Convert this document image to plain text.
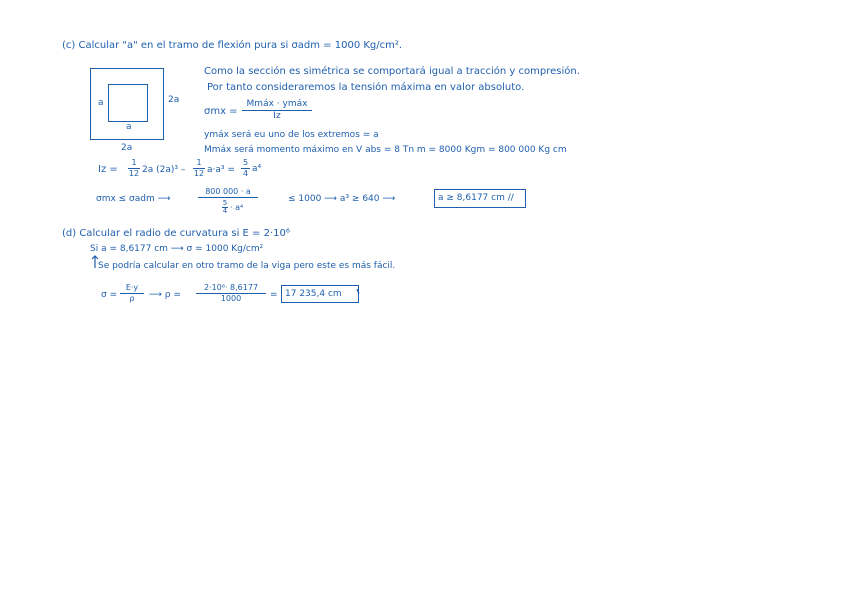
(c) Calcular "a" en el tramo de flexión pura si σadm = 1000 Kg/cm².
a
a
2a
2a
Como la sección es simétrica se comportará igual a tracción y compresión.
Por tanto consideraremos la tensión máxima en valor absoluto.
σmx =
Mmáx · ymáx
Iz
ymáx será eu uno de los extremos = a
Mmáx será momento máximo en V abs = 8 Tn m = 8000 Kgm = 800 000 Kg cm
Iz =
1
12 2a (2a)³ –
1
12 a·a³ =
5
4 a⁴
σmx ≤ σadm ⟶
800 000 · a
5
4 · a⁴
≤ 1000 ⟶ a³ ≥ 640 ⟶	a ≥ 8,6177 cm //
(d) Calcular el radio de curvatura si E = 2·10⁶
Si a = 8,6177 cm ⟶ σ = 1000 Kg/cm²
Se podría calcular en otro tramo de la viga pero este es más fácil.
σ =
E·y
ρ	⟶ ρ =
2·10⁶· 8,6177
1000	= 17 235,4 cm
